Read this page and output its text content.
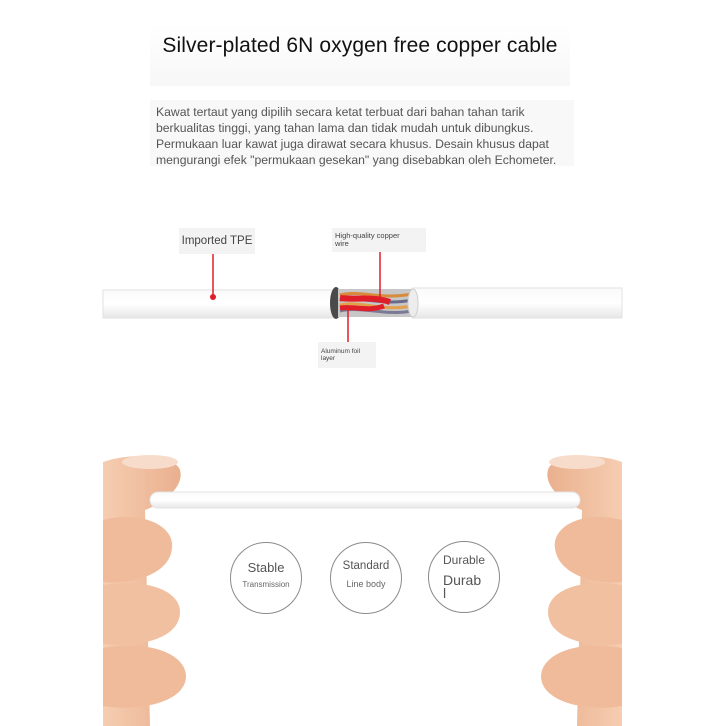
Silver-plated 6N oxygen free copper cable
Kawat tertaut yang dipilih secara ketat terbuat dari bahan tahan tarik
berkualitas tinggi, yang tahan lama dan tidak mudah untuk dibungkus.
Permukaan luar kawat juga dirawat secara khusus. Desain khusus dapat
mengurangi efek "permukaan gesekan" yang disebabkan oleh Echometer.
Imported TPE	High-quality copper
wire
Aluminum foil
layer
Stable
Transmission
Standard
Line body
Durable
Durab
l
